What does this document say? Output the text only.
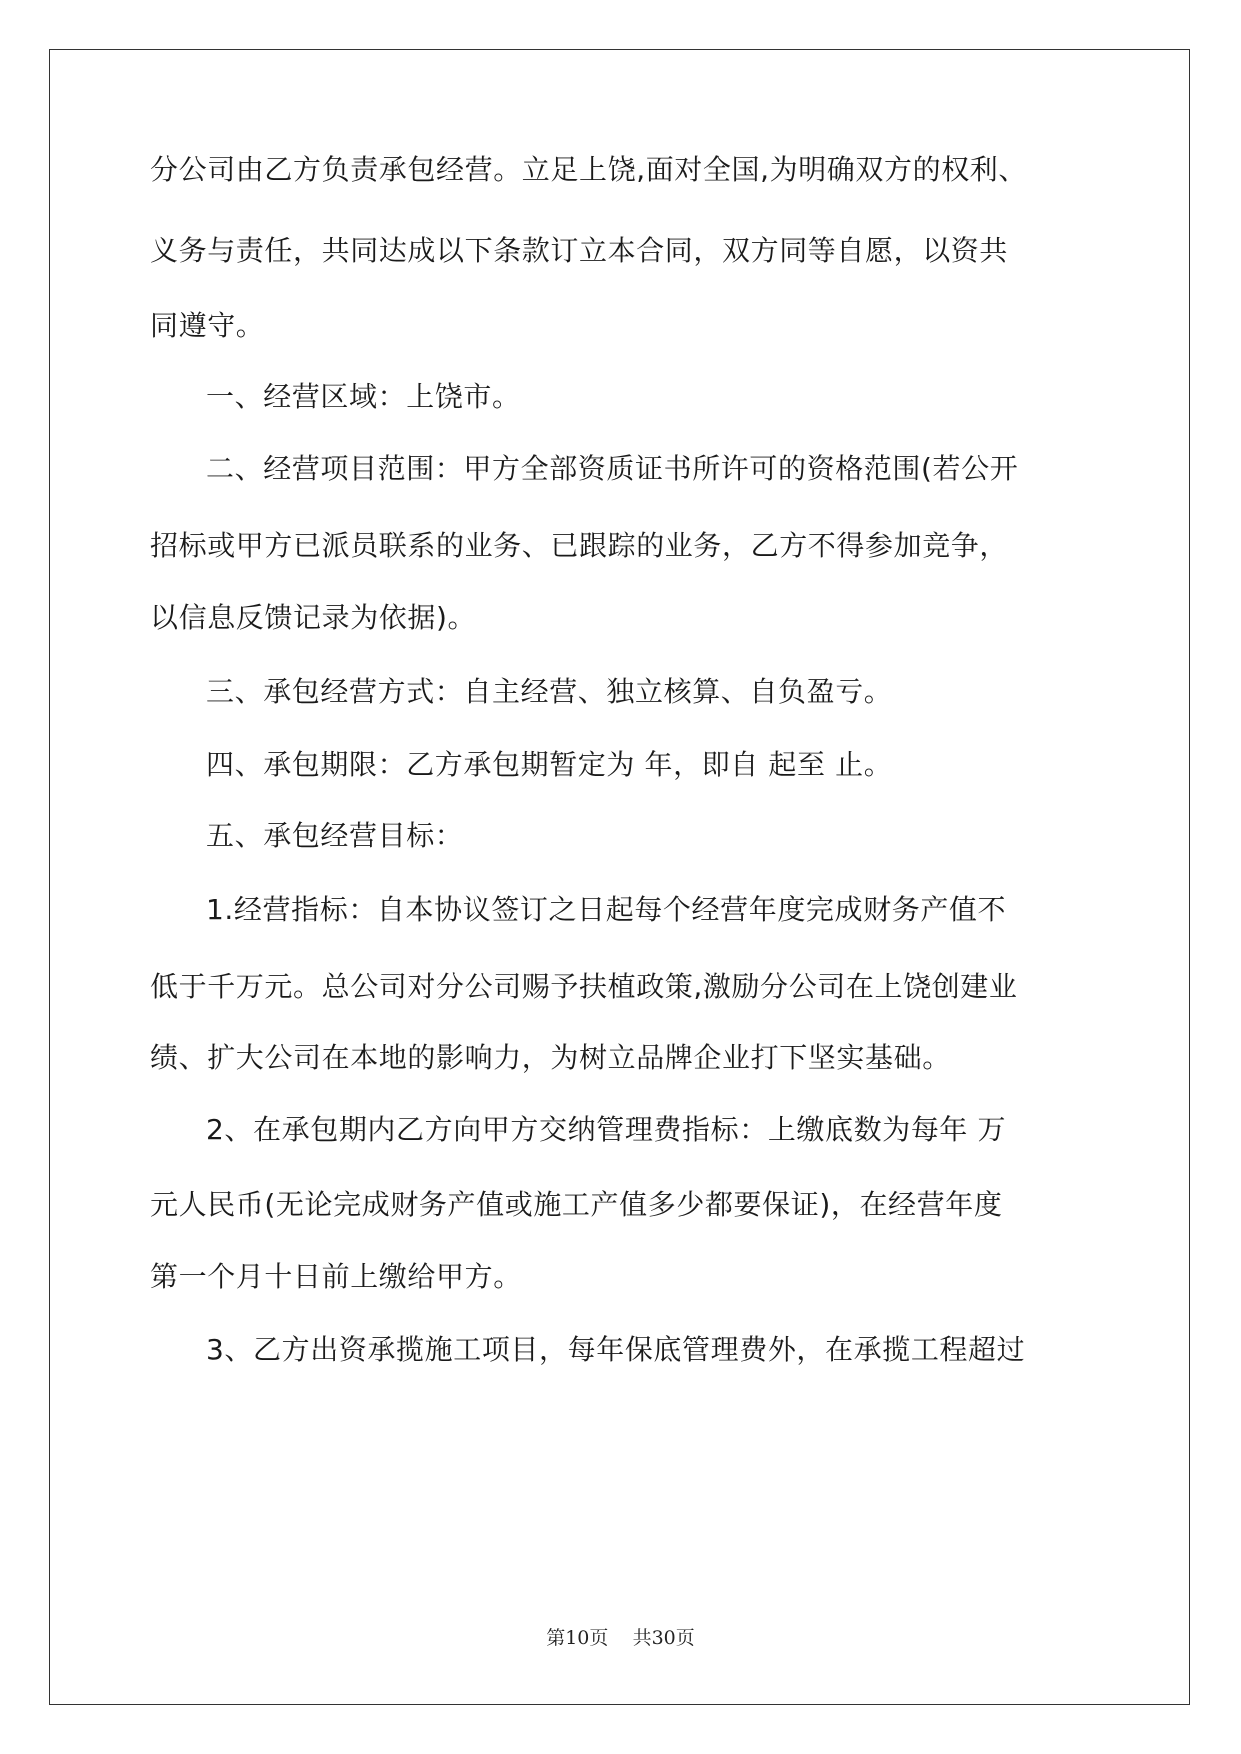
分公司由乙方负责承包经营。立足上饶,面对全国,为明确双方的权利、
义务与责任，共同达成以下条款订立本合同，双方同等自愿，以资共
同遵守。
一、经营区域：上饶市。
二、经营项目范围：甲方全部资质证书所许可的资格范围(若公开
招标或甲方已派员联系的业务、已跟踪的业务，乙方不得参加竞争，
以信息反馈记录为依据)。
三、承包经营方式：自主经营、独立核算、自负盈亏。
四、承包期限：乙方承包期暂定为 年，即自 起至 止。
五、承包经营目标：
1.经营指标：自本协议签订之日起每个经营年度完成财务产值不
低于千万元。总公司对分公司赐予扶植政策,激励分公司在上饶创建业
绩、扩大公司在本地的影响力，为树立品牌企业打下坚实基础。
2、在承包期内乙方向甲方交纳管理费指标：上缴底数为每年 万
元人民币(无论完成财务产值或施工产值多少都要保证)，在经营年度
第一个月十日前上缴给甲方。
3、乙方出资承揽施工项目，每年保底管理费外，在承揽工程超过
第10页 共30页
